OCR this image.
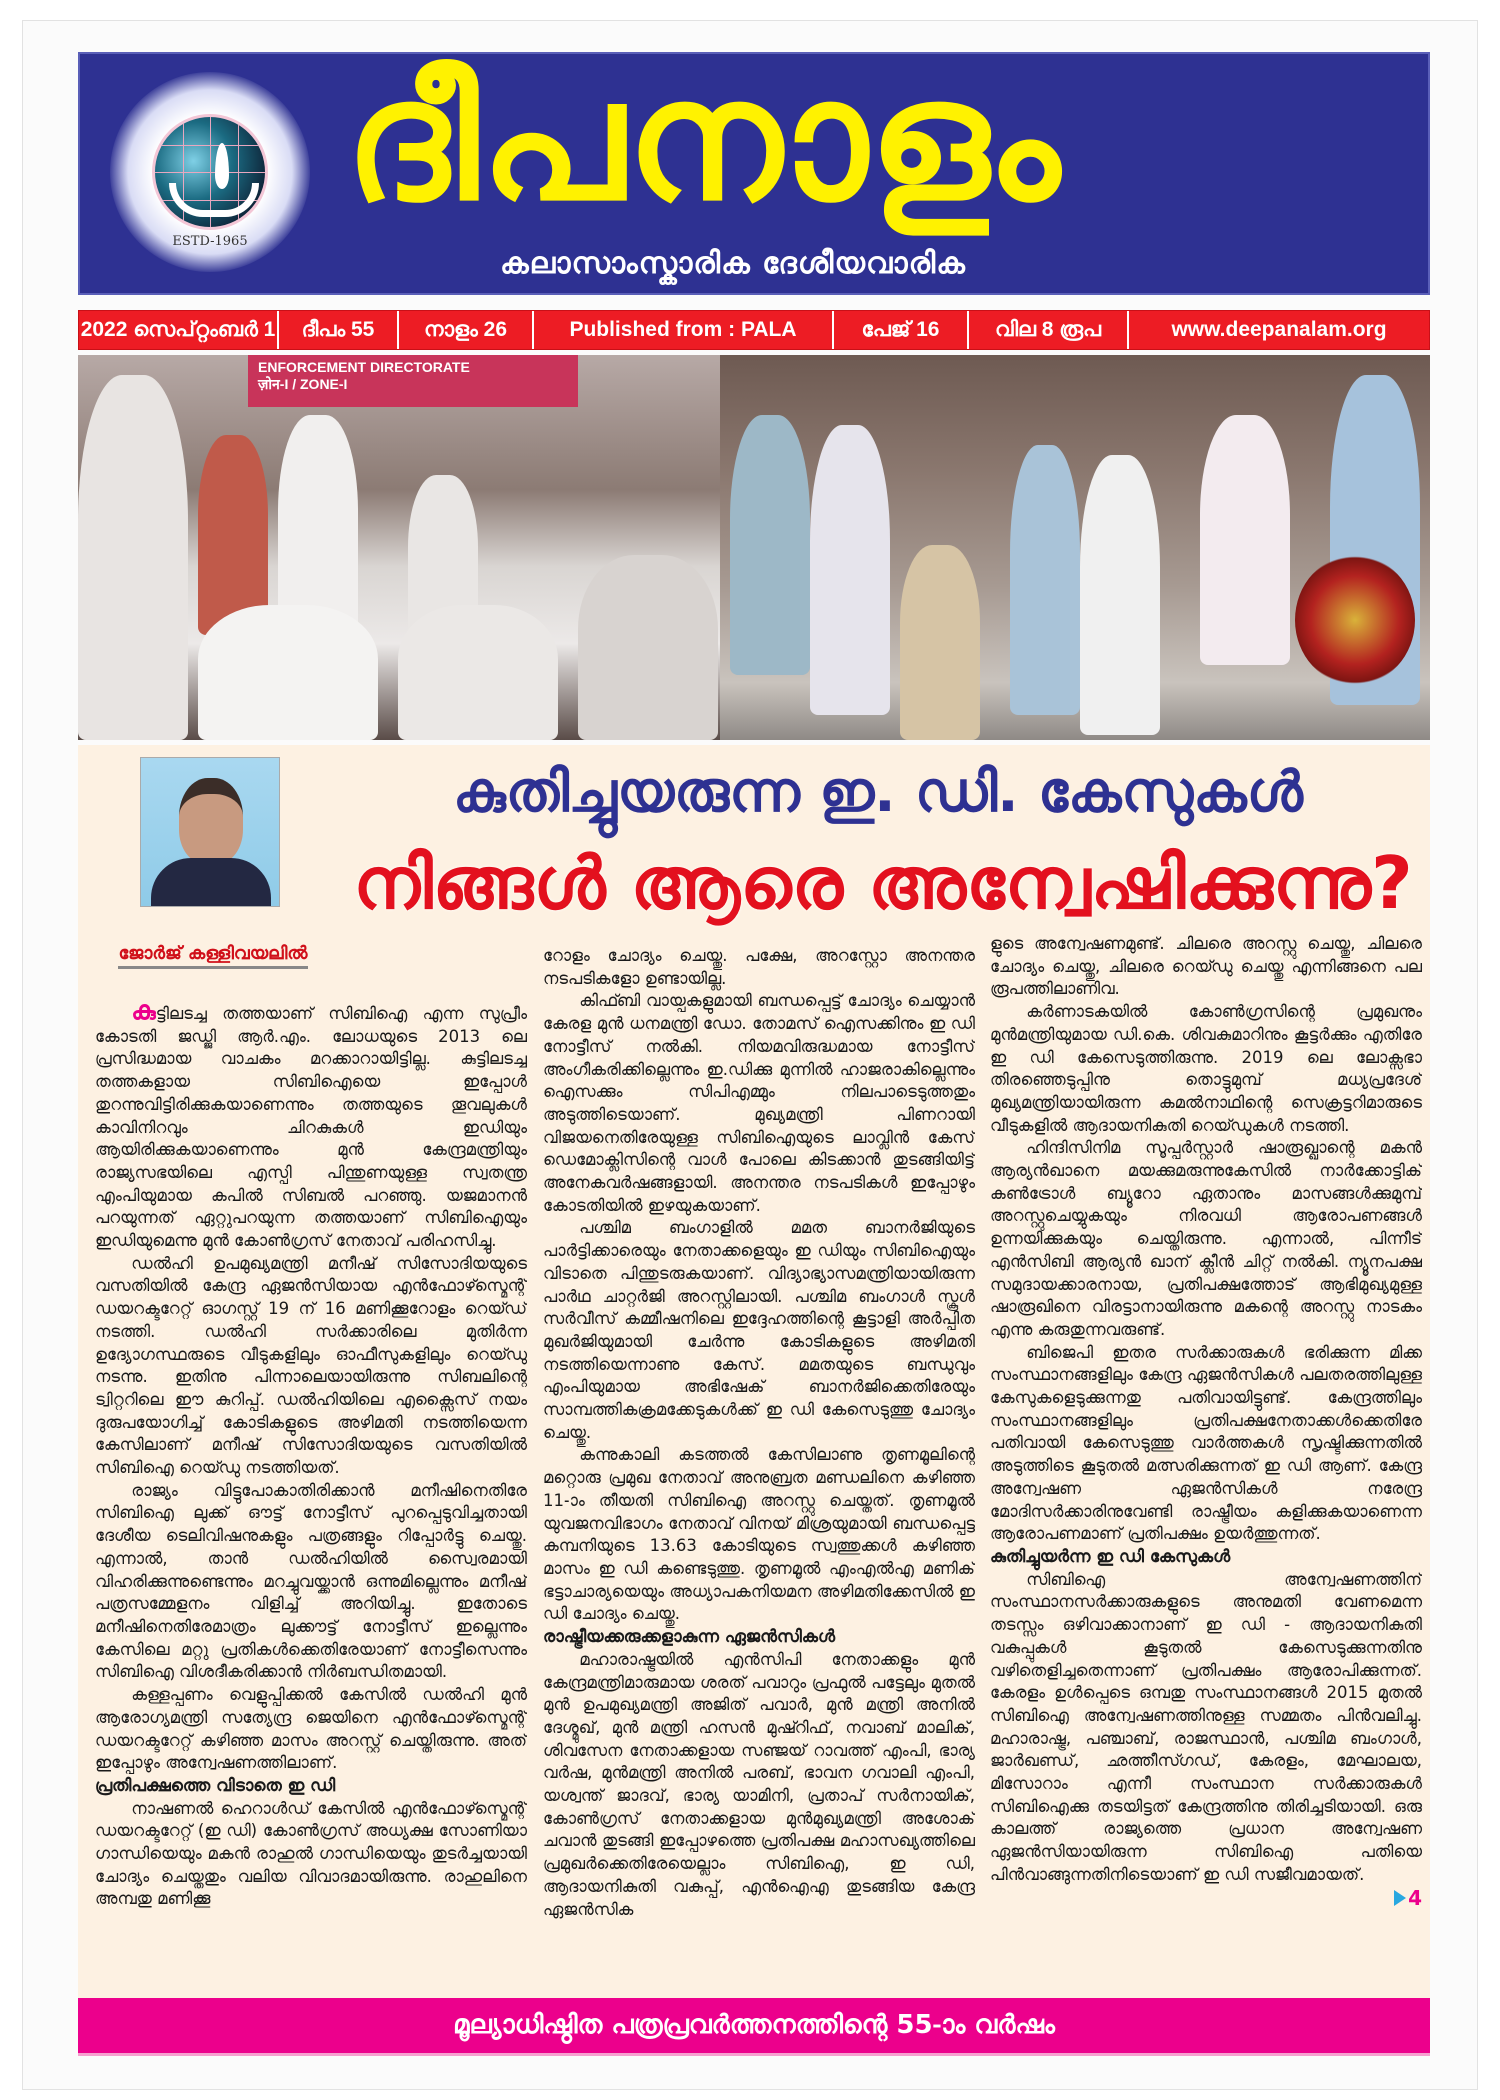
ESTD-1965
ദീപനാളം
കലാസാംസ്കാരിക ദേശീയവാരിക
2022 സെപ്റ്റംബർ 1	ദീപം 55	നാളം 26	Published from : PALA	പേജ് 16	വില 8 രൂപ	www.deepanalam.org
ENFORCEMENT DIRECTORATE
ज़ोन-I / ZONE-I
ജോർജ് കള്ളിവയലിൽ
കുതിച്ചുയരുന്ന ഇ. ഡി. കേസുകൾ
നിങ്ങൾ ആരെ അന്വേഷിക്കുന്നു?

കുട്ടിലടച്ച തത്തയാണ് സിബിഐ എന്ന സുപ്രീം കോടതി ജഡ്ജി ആർ.എം. ലോധയുടെ 2013 ലെ പ്രസിദ്ധമായ വാചകം മറക്കാറായിട്ടില്ല. കുട്ടിലടച്ച തത്തകളായ സിബിഐയെ ഇപ്പോൾ തുറന്നുവിട്ടിരിക്കുകയാണെന്നും തത്തയുടെ തൂവലുകൾ കാവിനിറവും ചിറകുകൾ ഇഡിയും ആയിരിക്കുകയാണെന്നും മുൻ കേന്ദ്രമന്ത്രിയും രാജ്യസഭയിലെ എസ്പി പിന്തുണയുള്ള സ്വതന്ത്ര എംപിയുമായ കപിൽ സിബൽ പറഞ്ഞു. യജമാനൻ പറയുന്നത് ഏറ്റുപറയുന്ന തത്തയാണ് സിബിഐയും ഇഡിയുമെന്നു മുൻ കോൺഗ്രസ് നേതാവ് പരിഹസിച്ചു.

ഡൽഹി ഉപമുഖ്യമന്ത്രി മനീഷ് സിസോദിയയുടെ വസതിയിൽ കേന്ദ്ര ഏജൻസിയായ എൻഫോഴ്സ്മെന്റ് ഡയറക്ടറേറ്റ് ഓഗസ്റ്റ് 19 ന് 16 മണിക്കൂറോളം റെയ്ഡ് നടത്തി. ഡൽഹി സർക്കാരിലെ മുതിർന്ന ഉദ്യോഗസ്ഥരുടെ വീടുകളിലും ഓഫീസുകളിലും റെയ്ഡു നടന്നു. ഇതിനു പിന്നാലെയായിരുന്നു സിബലിന്റെ ട്വിറ്ററിലെ ഈ കുറിപ്പ്. ഡൽഹിയിലെ എക്സൈസ് നയം ദുരുപയോഗിച്ച് കോടികളുടെ അഴിമതി നടത്തിയെന്ന കേസിലാണ് മനീഷ് സിസോദിയയുടെ വസതിയിൽ സിബിഐ റെയ്ഡു നടത്തിയത്.

രാജ്യം വിട്ടുപോകാതിരിക്കാൻ മനീഷിനെതിരേ സിബിഐ ലുക്ക് ഔട്ട് നോട്ടീസ് പുറപ്പെടുവിച്ചതായി ദേശീയ ടെലിവിഷനുകളും പത്രങ്ങളും റിപ്പോർട്ടു ചെയ്തു. എന്നാൽ, താൻ ഡൽഹിയിൽ സ്വൈരമായി വിഹരിക്കുന്നുണ്ടെന്നും മറച്ചുവയ്ക്കാൻ ഒന്നുമില്ലെന്നും മനീഷ് പത്രസമ്മേളനം വിളിച്ച് അറിയിച്ചു. ഇതോടെ മനീഷിനെതിരേമാത്രം ലുക്കൗട്ട് നോട്ടീസ് ഇല്ലെന്നും കേസിലെ മറ്റു പ്രതികൾക്കെതിരേയാണ് നോട്ടീസെന്നും സിബിഐ വിശദീകരിക്കാൻ നിർബന്ധിതമായി.

കള്ളപ്പണം വെളുപ്പിക്കൽ കേസിൽ ഡൽഹി മുൻ ആരോഗ്യമന്ത്രി സത്യേന്ദ്ര ജെയിനെ എൻഫോഴ്സ്മെന്റ് ഡയറക്ടറേറ്റ് കഴിഞ്ഞ മാസം അറസ്റ്റ് ചെയ്തിരുന്നു. അത് ഇപ്പോഴും അന്വേഷണത്തിലാണ്.

പ്രതിപക്ഷത്തെ വിടാതെ ഇ ഡി

നാഷണൽ ഹെറാൾഡ് കേസിൽ എൻഫോഴ്സ്മെന്റ് ഡയറക്ടറേറ്റ് (ഇ ഡി) കോൺഗ്രസ് അധ്യക്ഷ സോണിയാ ഗാന്ധിയെയും മകൻ രാഹുൽ ഗാന്ധിയെയും തുടർച്ചയായി ചോദ്യം ചെയ്തതും വലിയ വിവാദമായിരുന്നു. രാഹുലിനെ അമ്പതു മണിക്കൂ

റോളം ചോദ്യം ചെയ്തു. പക്ഷേ, അറസ്റ്റോ അനന്തര നടപടികളോ ഉണ്ടായില്ല.

കിഫ്ബി വായ്പകളുമായി ബന്ധപ്പെട്ട് ചോദ്യം ചെയ്യാൻ കേരള മുൻ ധനമന്ത്രി ഡോ. തോമസ് ഐസക്കിനും ഇ ഡി നോട്ടീസ് നൽകി. നിയമവിരുദ്ധമായ നോട്ടീസ് അംഗീകരിക്കില്ലെന്നും ഇ.ഡിക്കു മുന്നിൽ ഹാജരാകില്ലെന്നും ഐസക്കും സിപിഎമ്മും നിലപാടെടുത്തതും അടുത്തിടെയാണ്. മുഖ്യമന്ത്രി പിണറായി വിജയനെതിരേയുള്ള സിബിഐയുടെ ലാവ്ലിൻ കേസ് ഡെമോക്ലിസിന്റെ വാൾ പോലെ കിടക്കാൻ തുടങ്ങിയിട്ട് അനേകവർഷങ്ങളായി. അനന്തര നടപടികൾ ഇപ്പോഴും കോടതിയിൽ ഇഴയുകയാണ്.

പശ്ചിമ ബംഗാളിൽ മമത ബാനർജിയുടെ പാർട്ടിക്കാരെയും നേതാക്കളെയും ഇ ഡിയും സിബിഐയും വിടാതെ പിന്തുടരുകയാണ്. വിദ്യാഭ്യാസമന്ത്രിയായിരുന്ന പാർഥ ചാറ്റർജി അറസ്റ്റിലായി. പശ്ചിമ ബംഗാൾ സ്കൂൾ സർവീസ് കമ്മീഷനിലെ ഇദ്ദേഹത്തിന്റെ കൂട്ടാളി അർപ്പിത മുഖർജിയുമായി ചേർന്നു കോടികളുടെ അഴിമതി നടത്തിയെന്നാണു കേസ്. മമതയുടെ ബന്ധുവും എംപിയുമായ അഭിഷേക് ബാനർജിക്കെതിരേയും സാമ്പത്തികക്രമക്കേടുകൾക്ക് ഇ ഡി കേസെടുത്തു ചോദ്യം ചെയ്തു.

കന്നുകാലി കടത്തൽ കേസിലാണു തൃണമൂലിന്റെ മറ്റൊരു പ്രമുഖ നേതാവ് അനുബ്രത മണ്ഡലിനെ കഴിഞ്ഞ 11-ാം തീയതി സിബിഐ അറസ്റ്റു ചെയ്തത്. തൃണമൂൽ യുവജനവിഭാഗം നേതാവ് വിനയ് മിശ്രയുമായി ബന്ധപ്പെട്ട കമ്പനിയുടെ 13.63 കോടിയുടെ സ്വത്തുക്കൾ കഴിഞ്ഞ മാസം ഇ ഡി കണ്ടെടുത്തു. തൃണമൂൽ എംഎൽഎ മണിക് ഭട്ടാചാര്യയെയും അധ്യാപകനിയമന അഴിമതിക്കേസിൽ ഇ ഡി ചോദ്യം ചെയ്തു.

രാഷ്ട്രീയക്കരുക്കളാകുന്ന ഏജൻസികൾ

മഹാരാഷ്ട്രയിൽ എൻസിപി നേതാക്കളും മുൻ കേന്ദ്രമന്ത്രിമാരുമായ ശരത് പവാറും പ്രഫുൽ പട്ടേലും മുതൽ മുൻ ഉപമുഖ്യമന്ത്രി അജിത് പവാർ, മുൻ മന്ത്രി അനിൽ ദേശ്മുഖ്, മുൻ മന്ത്രി ഹസൻ മുഷ്റിഫ്, നവാബ് മാലിക്, ശിവസേന നേതാക്കളായ സഞ്ജയ് റാവത്ത് എംപി, ഭാര്യ വർഷ, മുൻമന്ത്രി അനിൽ പരബ്, ഭാവന ഗവാലി എംപി, യശ്വന്ത് ജാദവ്, ഭാര്യ യാമിനി, പ്രതാപ് സർനായിക്, കോൺഗ്രസ് നേതാക്കളായ മുൻമുഖ്യമന്ത്രി അശോക് ചവാൻ തുടങ്ങി ഇപ്പോഴത്തെ പ്രതിപക്ഷ മഹാസഖ്യത്തിലെ പ്രമുഖർക്കെതിരേയെല്ലാം സിബിഐ, ഇ ഡി, ആദായനികുതി വകുപ്പ്, എൻഐഎ തുടങ്ങിയ കേന്ദ്ര ഏജൻസിക

ളുടെ അന്വേഷണമുണ്ട്. ചിലരെ അറസ്റ്റു ചെയ്തു, ചിലരെ ചോദ്യം ചെയ്തു, ചിലരെ റെയ്ഡു ചെയ്തു എന്നിങ്ങനെ പല രൂപത്തിലാണിവ.

കർണാടകയിൽ കോൺഗ്രസിന്റെ പ്രമുഖനും മുൻമന്ത്രിയുമായ ഡി.കെ. ശിവകുമാറിനും കൂട്ടർക്കും എതിരേ ഇ ഡി കേസെടുത്തിരുന്നു. 2019 ലെ ലോക്സഭാ തിരഞ്ഞെടുപ്പിനു തൊട്ടുമുമ്പ് മധ്യപ്രദേശ് മുഖ്യമന്ത്രിയായിരുന്ന കമൽനാഥിന്റെ സെക്രട്ടറിമാരുടെ വീടുകളിൽ ആദായനികുതി റെയ്ഡുകൾ നടത്തി.

ഹിന്ദിസിനിമ സൂപ്പർസ്റ്റാർ ഷാരൂഖ്ഖാന്റെ മകൻ ആര്യൻഖാനെ മയക്കുമരുന്നുകേസിൽ നാർക്കോട്ടിക് കൺട്രോൾ ബ്യൂറോ ഏതാനും മാസങ്ങൾക്കുമുമ്പ് അറസ്റ്റുചെയ്യുകയും നിരവധി ആരോപണങ്ങൾ ഉന്നയിക്കുകയും ചെയ്തിരുന്നു. എന്നാൽ, പിന്നീട് എൻസിബി ആര്യൻ ഖാന് ക്ലീൻ ചിറ്റ് നൽകി. ന്യൂനപക്ഷ സമുദായക്കാരനായ, പ്രതിപക്ഷത്തോട് ആഭിമുഖ്യമുള്ള ഷാരൂഖിനെ വിരട്ടാനായിരുന്നു മകന്റെ അറസ്റ്റു നാടകം എന്നു കരുതുന്നവരുണ്ട്.

ബിജെപി ഇതര സർക്കാരുകൾ ഭരിക്കുന്ന മിക്ക സംസ്ഥാനങ്ങളിലും കേന്ദ്ര ഏജൻസികൾ പലതരത്തിലുള്ള കേസുകളെടുക്കുന്നതു പതിവായിട്ടുണ്ട്. കേന്ദ്രത്തിലും സംസ്ഥാനങ്ങളിലും പ്രതിപക്ഷനേതാക്കൾക്കെതിരേ പതിവായി കേസെടുത്തു വാർത്തകൾ സൃഷ്ടിക്കുന്നതിൽ അടുത്തിടെ കൂടുതൽ മത്സരിക്കുന്നത് ഇ ഡി ആണ്. കേന്ദ്ര അന്വേഷണ ഏജൻസികൾ നരേന്ദ്ര മോദിസർക്കാരിനുവേണ്ടി രാഷ്ട്രീയം കളിക്കുകയാണെന്ന ആരോപണമാണ് പ്രതിപക്ഷം ഉയർത്തുന്നത്.

കുതിച്ചുയർന്ന ഇ ഡി കേസുകൾ

സിബിഐ അന്വേഷണത്തിന് സംസ്ഥാനസർക്കാരുകളുടെ അനുമതി വേണമെന്ന തടസ്സം ഒഴിവാക്കാനാണ് ഇ ഡി - ആദായനികുതി വകുപ്പുകൾ കൂടുതൽ കേസെടുക്കുന്നതിനു വഴിതെളിച്ചതെന്നാണ് പ്രതിപക്ഷം ആരോപിക്കുന്നത്. കേരളം ഉൾപ്പെടെ ഒമ്പതു സംസ്ഥാനങ്ങൾ 2015 മുതൽ സിബിഐ അന്വേഷണത്തിനുള്ള സമ്മതം പിൻവലിച്ചു. മഹാരാഷ്ട്ര, പഞ്ചാബ്, രാജസ്ഥാൻ, പശ്ചിമ ബംഗാൾ, ജാർഖണ്ഡ്, ഛത്തീസ്ഗഡ്, കേരളം, മേഘാലയ, മിസോറാം എന്നീ സംസ്ഥാന സർക്കാരുകൾ സിബിഐക്കു തടയിട്ടത് കേന്ദ്രത്തിനു തിരിച്ചടിയായി. ഒരു കാലത്ത് രാജ്യത്തെ പ്രധാന അന്വേഷണ ഏജൻസിയായിരുന്ന സിബിഐ പതിയെ പിൻവാങ്ങുന്നതിനിടെയാണ് ഇ ഡി സജീവമായത്.

4
മൂല്യാധിഷ്ഠിത പത്രപ്രവർത്തനത്തിന്റെ 55-ാം വർഷം
